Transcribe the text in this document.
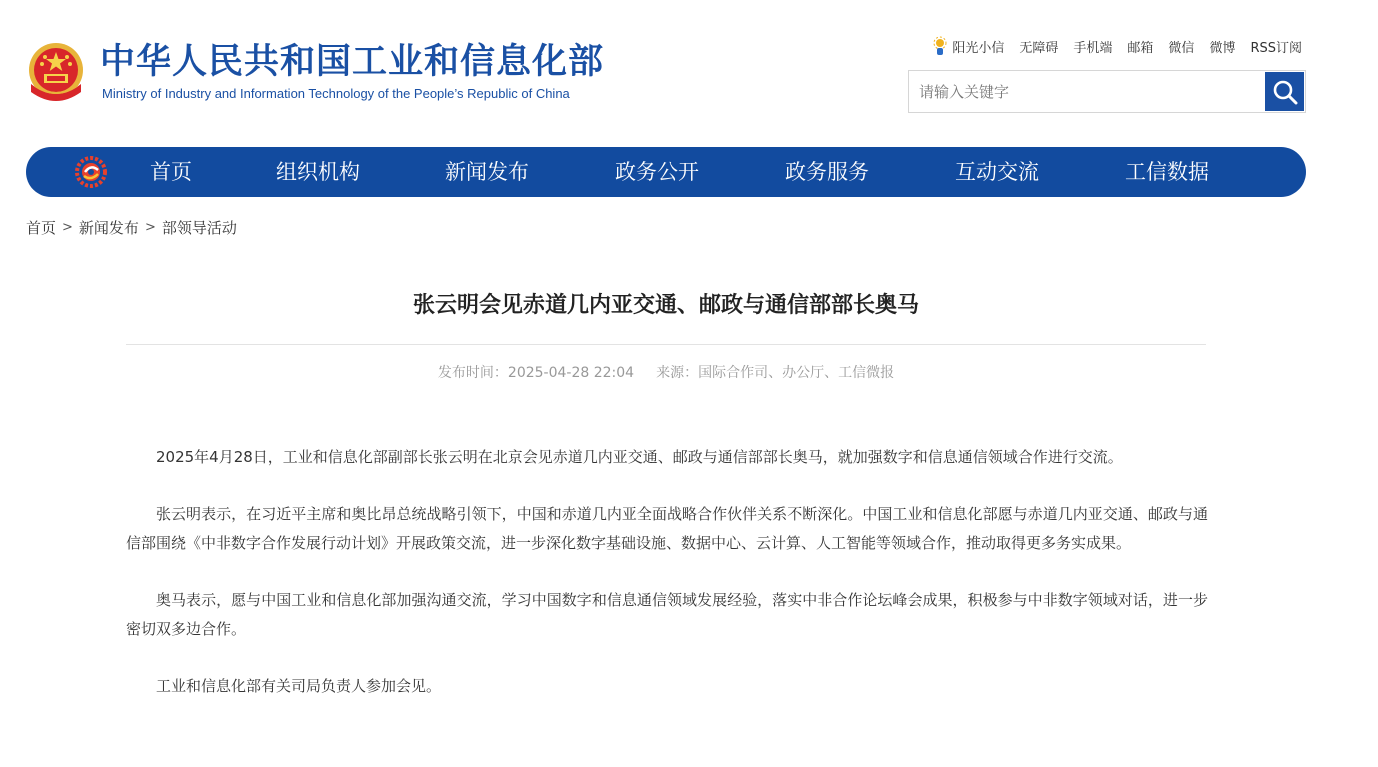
中华人民共和国工业和信息化部
Ministry of Industry and Information Technology of the People’s Republic of China
阳光小信 无障碍 手机端 邮箱 微信 微博 RSS订阅
请输入关键字
首页	组织机构	新闻发布	政务公开	政务服务	互动交流	工信数据
首页 > 新闻发布 > 部领导活动
张云明会见赤道几内亚交通、邮政与通信部部长奥马
发布时间：2025-04-28 22:04 来源：国际合作司、办公厅、工信微报

2025年4月28日，工业和信息化部副部长张云明在北京会见赤道几内亚交通、邮政与通信部部长奥马，就加强数字和信息通信领域合作进行交流。

张云明表示，在习近平主席和奥比昂总统战略引领下，中国和赤道几内亚全面战略合作伙伴关系不断深化。中国工业和信息化部愿与赤道几内亚交通、邮政与通信部围绕《中非数字合作发展行动计划》开展政策交流，进一步深化数字基础设施、数据中心、云计算、人工智能等领域合作，推动取得更多务实成果。

奥马表示，愿与中国工业和信息化部加强沟通交流，学习中国数字和信息通信领域发展经验，落实中非合作论坛峰会成果，积极参与中非数字领域对话，进一步密切双多边合作。

工业和信息化部有关司局负责人参加会见。
